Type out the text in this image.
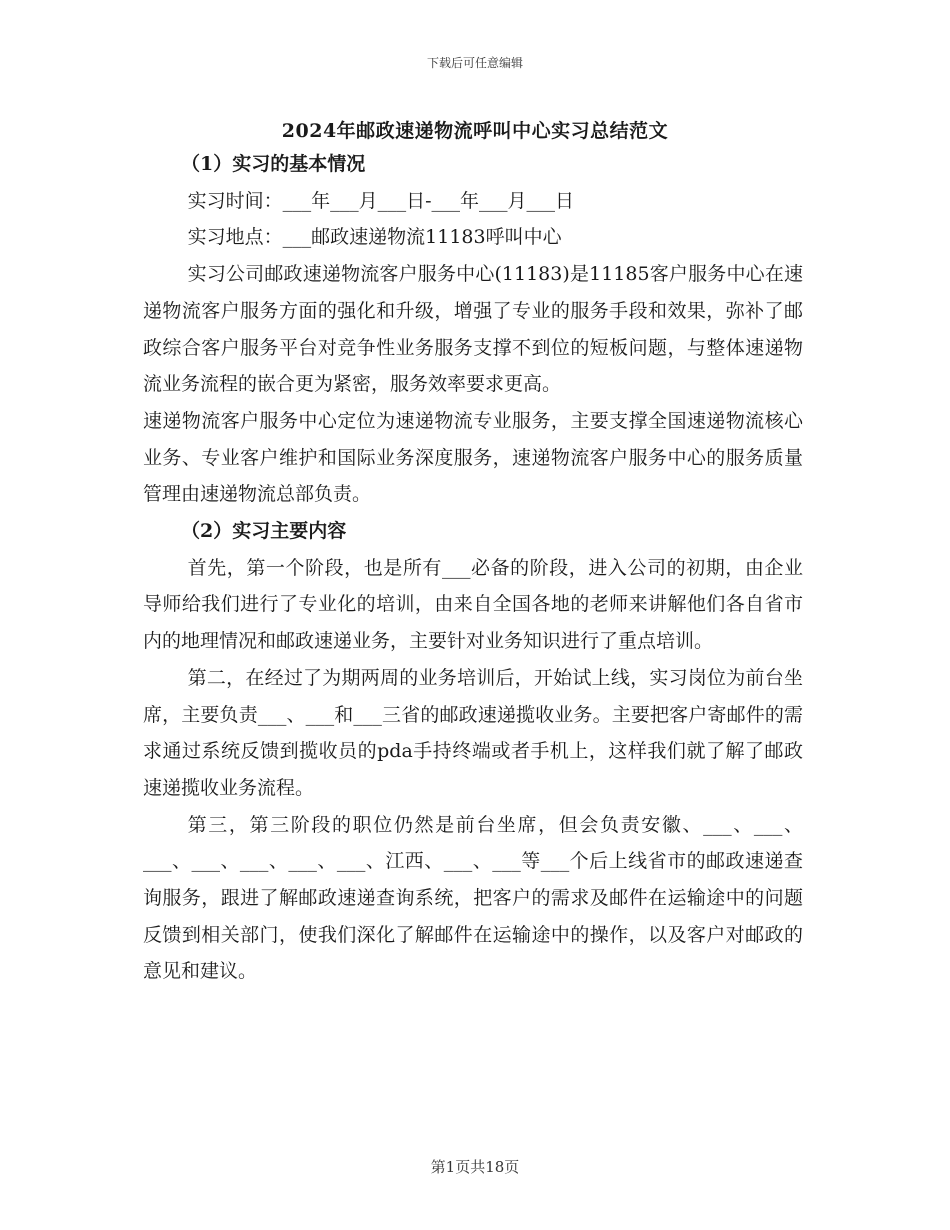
下载后可任意编辑
2024年邮政速递物流呼叫中心实习总结范文

（1）实习的基本情况

实习时间：___年___月___日-___年___月___日

实习地点：___邮政速递物流11183呼叫中心

实习公司邮政速递物流客户服务中心(11183)是11185客户服务中心在速递物流客户服务方面的强化和升级，增强了专业的服务手段和效果，弥补了邮政综合客户服务平台对竞争性业务服务支撑不到位的短板问题，与整体速递物流业务流程的嵌合更为紧密，服务效率要求更高。

速递物流客户服务中心定位为速递物流专业服务，主要支撑全国速递物流核心业务、专业客户维护和国际业务深度服务，速递物流客户服务中心的服务质量管理由速递物流总部负责。

（2）实习主要内容

首先，第一个阶段，也是所有___必备的阶段，进入公司的初期，由企业导师给我们进行了专业化的培训，由来自全国各地的老师来讲解他们各自省市内的地理情况和邮政速递业务，主要针对业务知识进行了重点培训。

第二，在经过了为期两周的业务培训后，开始试上线，实习岗位为前台坐席，主要负责___、___和___三省的邮政速递揽收业务。主要把客户寄邮件的需求通过系统反馈到揽收员的pda手持终端或者手机上，这样我们就了解了邮政速递揽收业务流程。

第三，第三阶段的职位仍然是前台坐席，但会负责安徽、___、___、___、___、___、___、___、江西、___、___等___个后上线省市的邮政速递查询服务，跟进了解邮政速递查询系统，把客户的需求及邮件在运输途中的问题反馈到相关部门，使我们深化了解邮件在运输途中的操作，以及客户对邮政的意见和建议。

第1页共18页
